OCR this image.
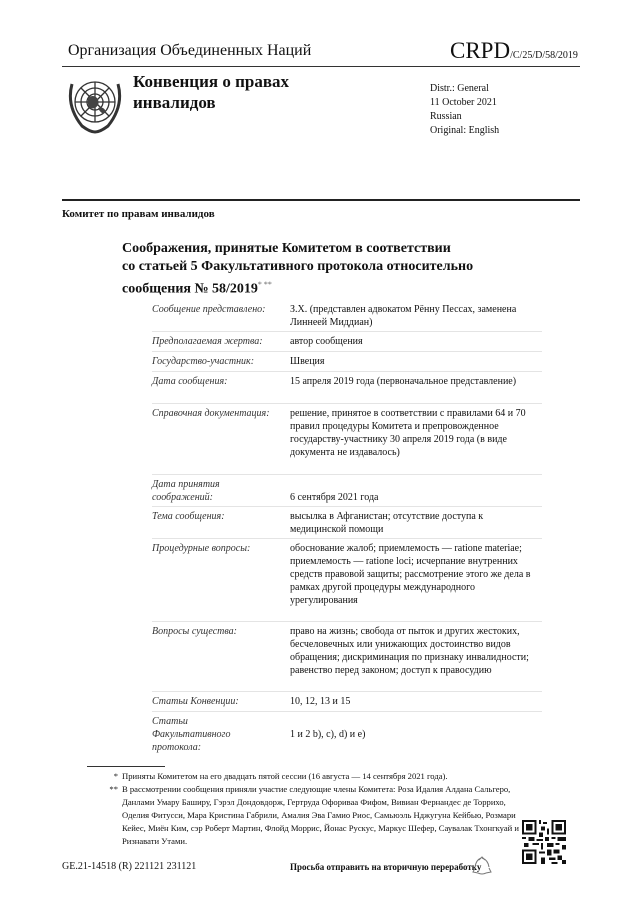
Организация Объединенных Наций	CRPD/C/25/D/58/2019
Конвенция о правах
инвалидов
Distr.: General
11 October 2021
Russian
Original: English
Комитет по правам инвалидов
Соображения, принятые Комитетом в соответствии
со статьей 5 Факультативного протокола относительно
сообщения № 58/2019* **
Сообщение представлено:	З.Х. (представлен адвокатом Рённу Пессах, заменена Линнеей Миддиан)
Предполагаемая жертва:	автор сообщения
Государство-участник:	Швеция
Дата сообщения:	15 апреля 2019 года (первоначальное представление)
Справочная документация:	решение, принятое в соответствии с правилами 64 и 70 правил процедуры Комитета и препровожденное государству-участнику 30 апреля 2019 года (в виде документа не издавалось)
Дата принятия соображений:	6 сентября 2021 года
Тема сообщения:	высылка в Афганистан; отсутствие доступа к медицинской помощи
Процедурные вопросы:	обоснование жалоб; приемлемость — ratione materiae; приемлемость — ratione loci; исчерпание внутренних средств правовой защиты; рассмотрение этого же дела в рамках другой процедуры международного урегулирования
Вопросы существа:	право на жизнь; свобода от пыток и других жестоких, бесчеловечных или унижающих достоинство видов обращения; дискриминация по признаку инвалидности; равенство перед законом; доступ к правосудию
Статьи Конвенции:	10, 12, 13 и 15
Статьи Факультативного протокола:
1 и 2 b), c), d) и e)
* Приняты Комитетом на его двадцать пятой сессии (16 августа — 14 сентября 2021 года).
** В рассмотрении сообщения приняли участие следующие члены Комитета: Роза Идалия Алдана Сальгеро, Данлами Умару Баширу, Гэрэл Дондовдорж, Гертруда Офориваа Фифом, Вивиан Фернандес де Торрихо, Оделия Фитусси, Мара Кристина Габрили, Амалия Эва Гамио Риос, Самьюэль Нджугуна Кейбью, Розмари Кейес, Миён Ким, сэр Роберт Мартин, Флойд Моррис, Йонас Рускус, Маркус Шефер, Саувалак Тхонгкуай и Ризнавати Утами.
GE.21-14518 (R) 221121 231121	Просьба отправить на вторичную переработку
